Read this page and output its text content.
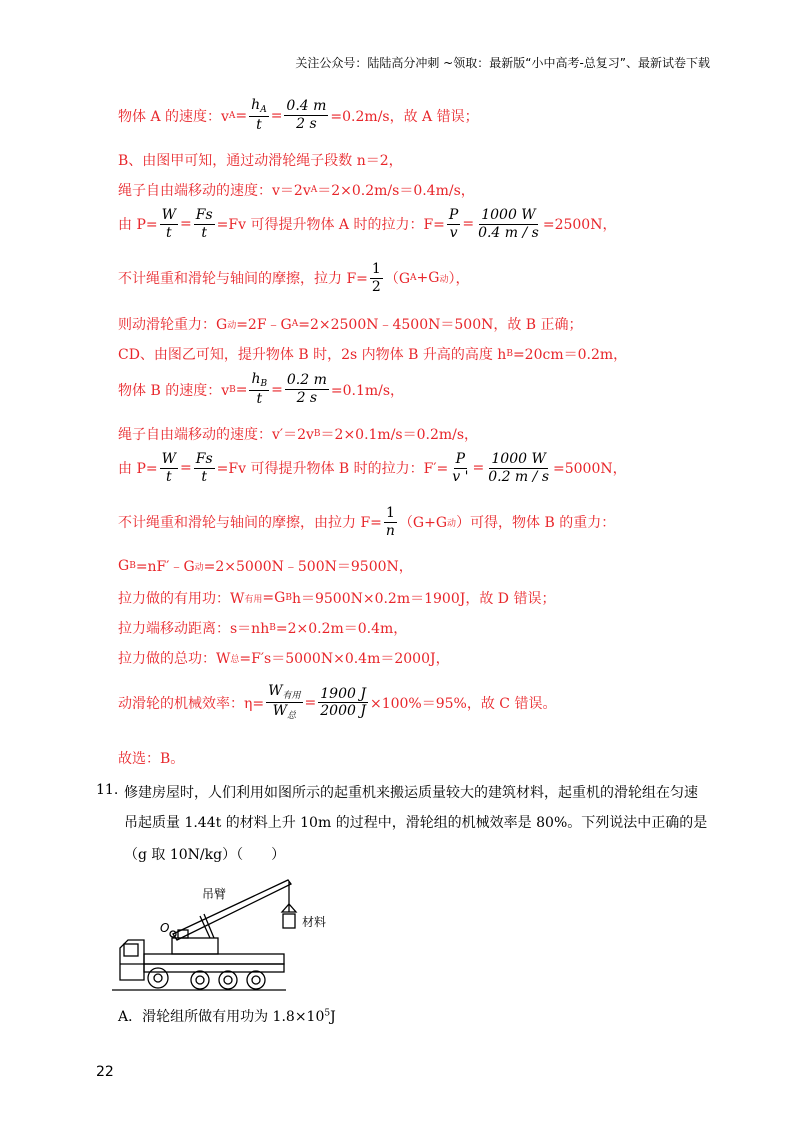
关注公众号：陆陆高分冲刺 ~领取：最新版“小中高考-总复习”、最新试卷下载
物体 A 的速度：v $A = \frac{h_A}{t} = \frac{0.4 m}{2 s} =0.2m/s$，故 A 错误；
B、由图甲可知，通过动滑轮绳子段数 n＝2，
绳子自由端移动的速度：v＝2v A ＝2×0.2m/s＝0.4m/s，
由 $P= \frac{W}{t} = \frac{Fs}{t} =Fv$ 可得提升物体 A 时的拉力：$F= \frac{P}{v} = \frac{1000 W}{0.4 m / s} =2500N$，
不计绳重和滑轮与轴间的摩擦，拉力 $F= \frac{1}{2} (G$ A +G 动 ），
则动滑轮重力：G 动 =2F﹣G A =2×2500N﹣4500N＝500N，故 B 正确；
CD、由图乙可知，提升物体 B 时，2s 内物体 B 升高的高度 h B =20cm＝0.2m，
物体 B 的速度：v $B = \frac{h_B}{t} = \frac{0.2 m}{2 s} =0.1m/s$，
绳子自由端移动的速度：v′＝2v B ＝2×0.1m/s＝0.2m/s，
由 $P= \frac{W}{t} = \frac{Fs}{t} =Fv$ 可得提升物体 B 时的拉力：$F'= \frac{P}{v '} = \frac{1000 W}{0.2 m / s} =5000N$，
不计绳重和滑轮与轴间的摩擦，由拉力 $F= \frac{1}{n} (G+G$ 动 ）可得，物体 B 的重力：
G B =nF′﹣G 动 =2×5000N﹣500N＝9500N，
拉力做的有用功：W 有用 =G B h＝9500N×0.2m＝1900J，故 D 错误；
拉力端移动距离：s＝nh B =2×0.2m＝0.4m，
拉力做的总功：W 总 =F′s＝5000N×0.4m＝2000J，
动滑轮的机械效率：$\eta= \frac{W_{有用}}{W_总} = \frac{1900 J}{2000 J} \times 100\%=95\%$，故 C 错误。
故选：B。
11. 修建房屋时，人们利用如图所示的起重机来搬运质量较大的建筑材料，起重机的滑轮组在匀速
吊起质量 1.44t 的材料上升 10m 的过程中，滑轮组的机械效率是 80%。下列说法中正确的是
（g 取 10N/kg）（　　）
吊臂
O	材料
A．滑轮组所做有用功为 $1.8\times 10^5J$
22
